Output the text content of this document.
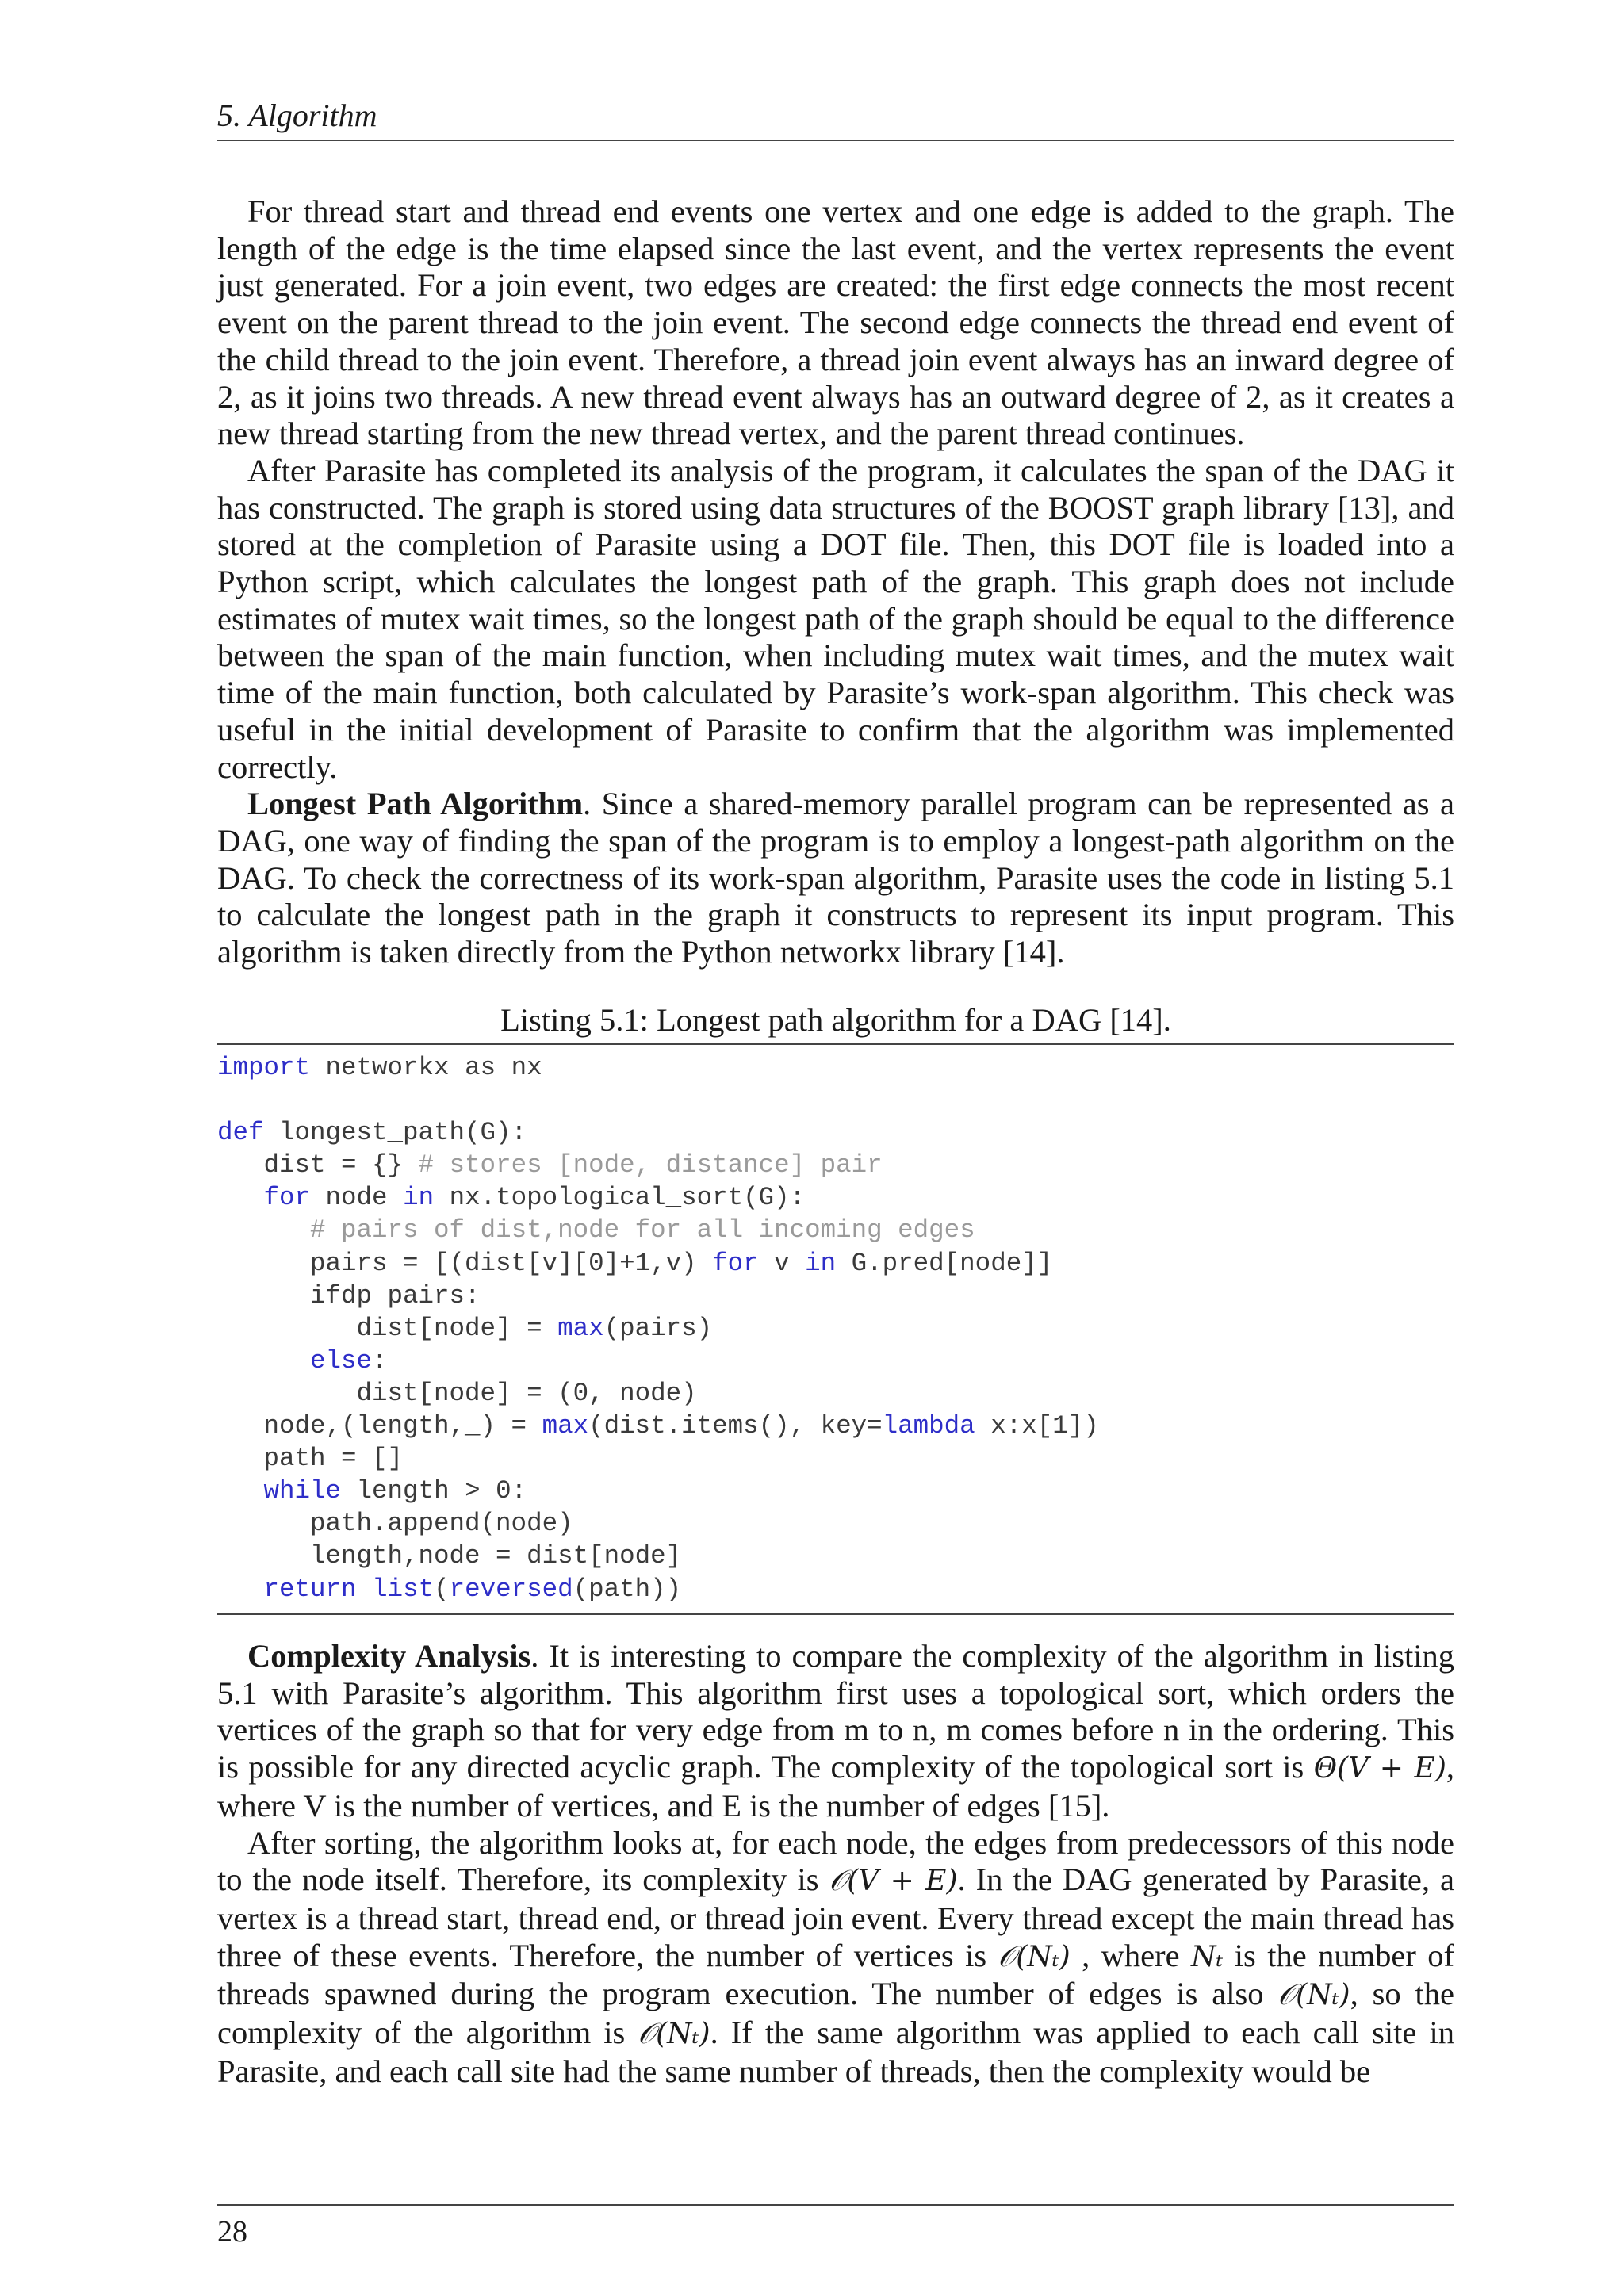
5. Algorithm

For thread start and thread end events one vertex and one edge is added to the graph. The length of the edge is the time elapsed since the last event, and the vertex represents the event just generated. For a join event, two edges are created: the first edge connects the most recent event on the parent thread to the join event. The second edge connects the thread end event of the child thread to the join event. Therefore, a thread join event always has an inward degree of 2, as it joins two threads. A new thread event always has an outward degree of 2, as it creates a new thread starting from the new thread vertex, and the parent thread continues.

After Parasite has completed its analysis of the program, it calculates the span of the DAG it has constructed. The graph is stored using data structures of the BOOST graph library [13], and stored at the completion of Parasite using a DOT file. Then, this DOT file is loaded into a Python script, which calculates the longest path of the graph. This graph does not include estimates of mutex wait times, so the longest path of the graph should be equal to the difference between the span of the main function, when including mutex wait times, and the mutex wait time of the main function, both calculated by Parasite’s work-span algorithm. This check was useful in the initial development of Parasite to confirm that the algorithm was implemented correctly.

Longest Path Algorithm. Since a shared-memory parallel program can be represented as a DAG, one way of finding the span of the program is to employ a longest-path algorithm on the DAG. To check the correctness of its work-span algorithm, Parasite uses the code in listing 5.1 to calculate the longest path in the graph it constructs to represent its input program. This algorithm is taken directly from the Python networkx library [14].

Listing 5.1: Longest path algorithm for a DAG [14].
import networkx as nx
def longest_path(G):
dist = {} # stores [node, distance] pair
for node in nx.topological_sort(G):
# pairs of dist,node for all incoming edges
pairs = [(dist[v][0]+1,v) for v in G.pred[node]]
ifdp pairs:
dist[node] = max(pairs)
else:
dist[node] = (0, node)
node,(length,_) = max(dist.items(), key=lambda x:x[1])
path = []
while length > 0:
path.append(node)
length,node = dist[node]
return list(reversed(path))

Complexity Analysis. It is interesting to compare the complexity of the algorithm in listing 5.1 with Parasite’s algorithm. This algorithm first uses a topological sort, which orders the vertices of the graph so that for very edge from m to n, m comes before n in the ordering. This is possible for any directed acyclic graph. The complexity of the topological sort is Θ(V + E), where V is the number of vertices, and E is the number of edges [15].

After sorting, the algorithm looks at, for each node, the edges from predecessors of this node to the node itself. Therefore, its complexity is 𝒪(V + E). In the DAG generated by Parasite, a vertex is a thread start, thread end, or thread join event. Every thread except the main thread has three of these events. Therefore, the number of vertices is 𝒪(Nₜ) , where Nₜ is the number of threads spawned during the program execution. The number of edges is also 𝒪(Nₜ), so the complexity of the algorithm is 𝒪(Nₜ). If the same algorithm was applied to each call site in Parasite, and each call site had the same number of threads, then the complexity would be

28
